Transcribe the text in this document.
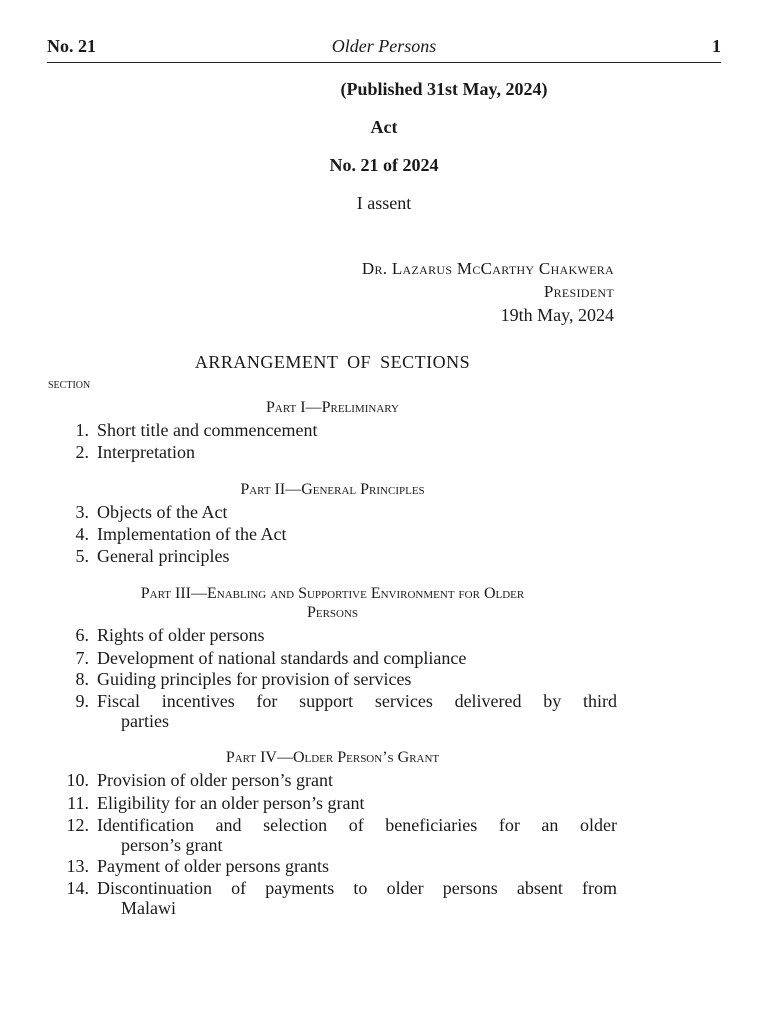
No. 21	Older Persons	1
(Published 31st May, 2024)
Act
No. 21 of 2024
I assent
Dr. Lazarus McCarthy Chakwera
President
19th May, 2024
ARRANGEMENT OF SECTIONS
section
Part I—Preliminary
1. Short title and commencement
2. Interpretation
Part II—General Principles
3. Objects of the Act
4. Implementation of the Act
5. General principles
Part III—Enabling and Supportive Environment for Older
Persons
6. Rights of older persons
7. Development of national standards and compliance
8. Guiding principles for provision of services
9. Fiscal incentives for support services delivered by third
parties
Part IV—Older Person’s Grant
10. Provision of older person’s grant
11. Eligibility for an older person’s grant
12. Identification and selection of beneficiaries for an older
person’s grant
13. Payment of older persons grants
14. Discontinuation of payments to older persons absent from
Malawi
